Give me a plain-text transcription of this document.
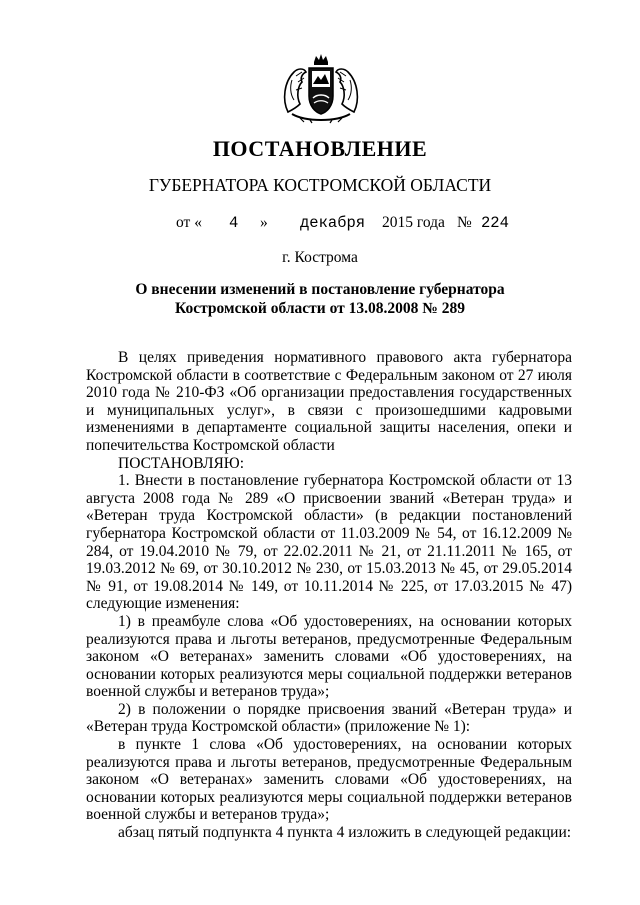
ПОСТАНОВЛЕНИЕ
ГУБЕРНАТОРА КОСТРОМСКОЙ ОБЛАСТИ
от « 4 » декабря 2015 года № 224
г. Кострома
О внесении изменений в постановление губернатора
Костромской области от 13.08.2008 № 289

В целях приведения нормативного правового акта губернатора Костромской области в соответствие с Федеральным законом от 27 июля 2010 года № 210-ФЗ «Об организации предоставления государственных и муниципальных услуг», в связи с произошедшими кадровыми изменениями в департаменте социальной защиты населения, опеки и попечительства Костромской области

ПОСТАНОВЛЯЮ:

1. Внести в постановление губернатора Костромской области от 13 августа 2008 года № 289 «О присвоении званий «Ветеран труда» и «Ветеран труда Костромской области» (в редакции постановлений губернатора Костромской области от 11.03.2009 № 54, от 16.12.2009 № 284, от 19.04.2010 № 79, от 22.02.2011 № 21, от 21.11.2011 № 165, от 19.03.2012 № 69, от 30.10.2012 № 230, от 15.03.2013 № 45, от 29.05.2014 № 91, от 19.08.2014 № 149, от 10.11.2014 № 225, от 17.03.2015 № 47) следующие изменения:

1) в преамбуле слова «Об удостоверениях, на основании которых реализуются права и льготы ветеранов, предусмотренные Федеральным законом «О ветеранах» заменить словами «Об удостоверениях, на основании которых реализуются меры социальной поддержки ветеранов военной службы и ветеранов труда»;

2) в положении о порядке присвоения званий «Ветеран труда» и «Ветеран труда Костромской области» (приложение № 1):

в пункте 1 слова «Об удостоверениях, на основании которых реализуются права и льготы ветеранов, предусмотренные Федеральным законом «О ветеранах» заменить словами «Об удостоверениях, на основании которых реализуются меры социальной поддержки ветеранов военной службы и ветеранов труда»;

абзац пятый подпункта 4 пункта 4 изложить в следующей редакции:
